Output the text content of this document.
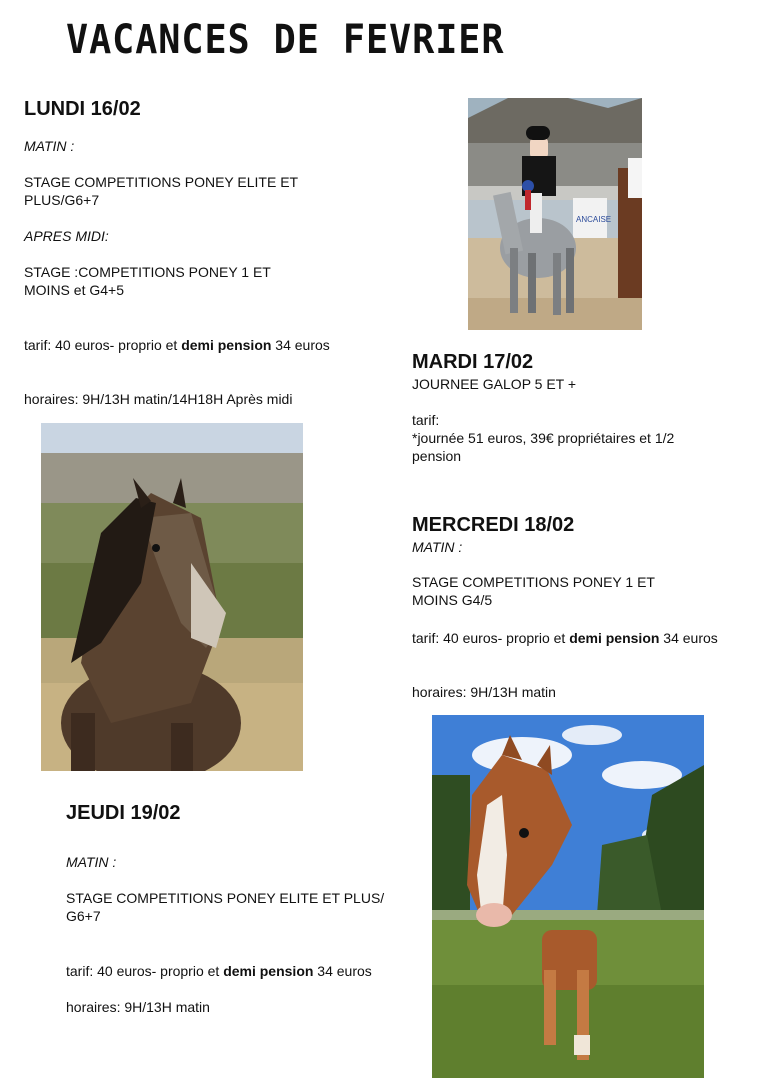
VACANCES DE FEVRIER
LUNDI 16/02
MATIN :
STAGE COMPETITIONS PONEY ELITE ET PLUS/G6+7
APRES MIDI:
STAGE :COMPETITIONS PONEY 1 ET MOINS et G4+5
tarif: 40 euros- proprio et demi pension 34 euros
horaires: 9H/13H matin/14H18H Après midi
ANCAISE
MARDI 17/02
JOURNEE GALOP 5 ET +
tarif:
*journée 51 euros, 39€ propriétaires et 1/2 pension
MERCREDI 18/02
MATIN :
STAGE COMPETITIONS PONEY 1 ET MOINS G4/5
tarif: 40 euros- proprio et demi pension 34 euros
horaires: 9H/13H matin
JEUDI 19/02
MATIN :
STAGE COMPETITIONS PONEY ELITE ET PLUS/ G6+7
tarif: 40 euros- proprio et demi pension 34 euros
horaires: 9H/13H matin
